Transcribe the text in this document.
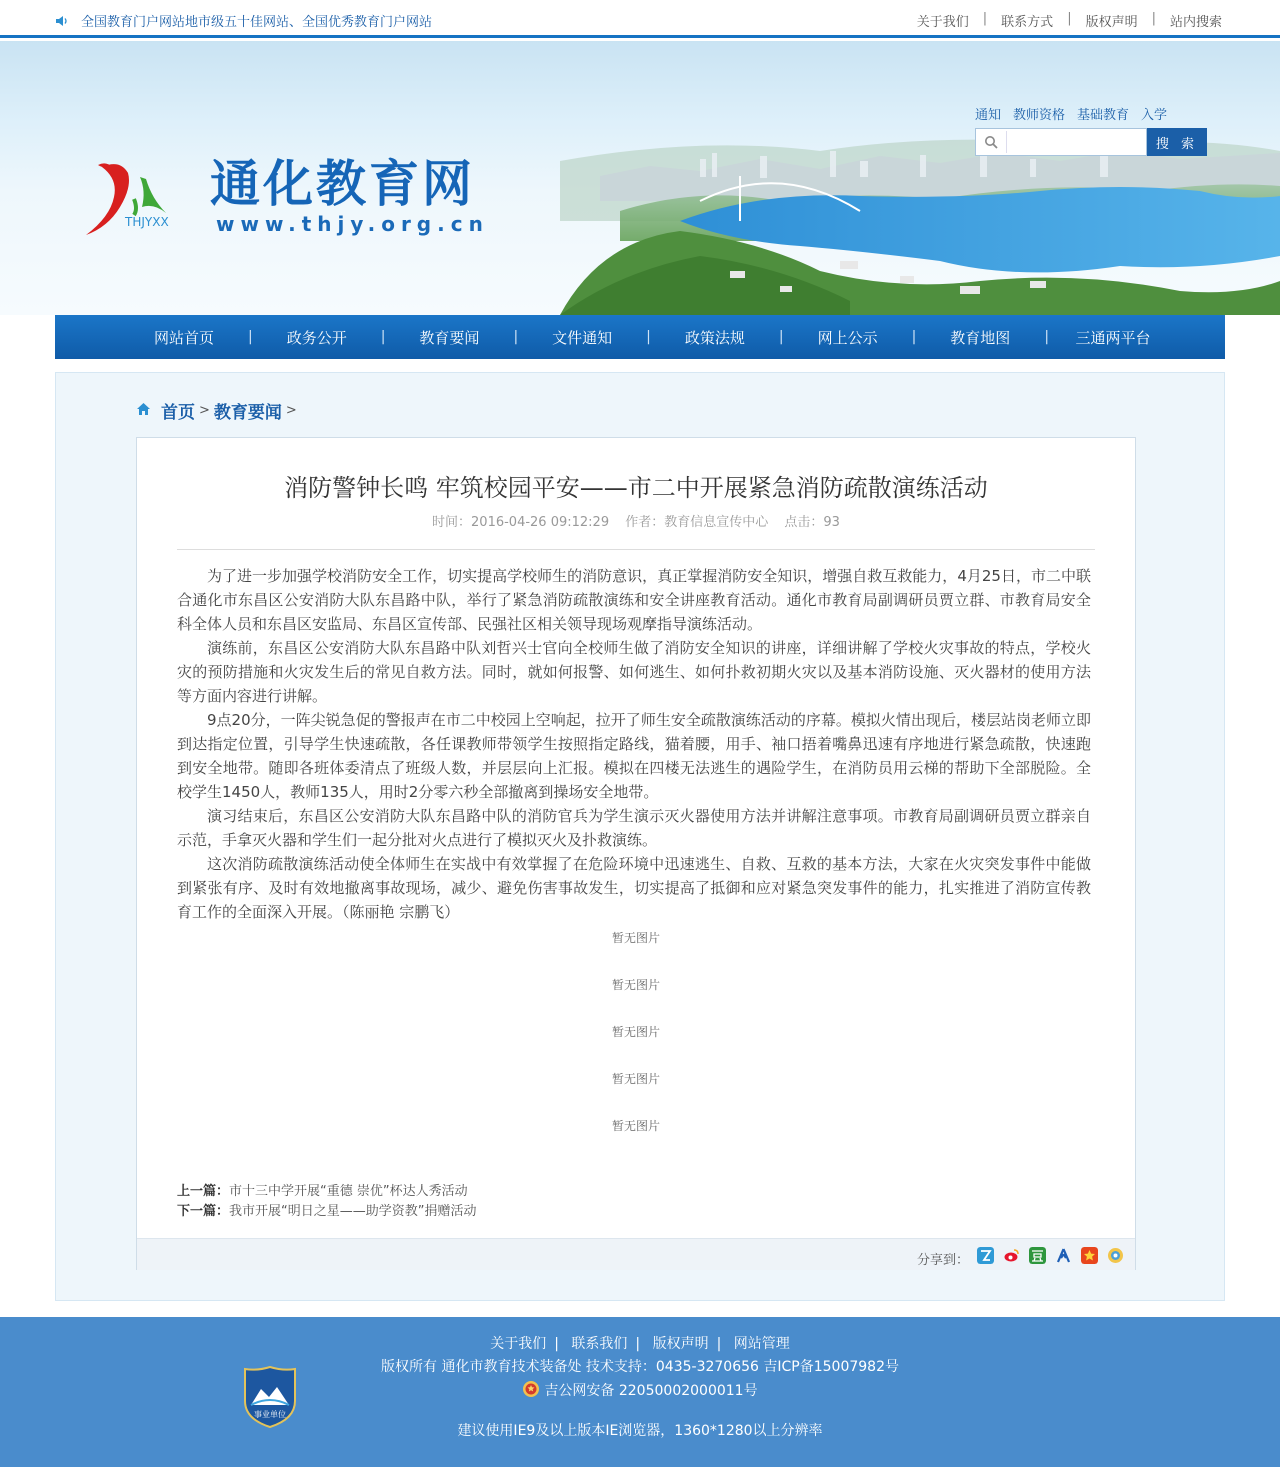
全国教育门户网站地市级五十佳网站、全国优秀教育门户网站	关于我们 | 联系方式 | 版权声明 | 站内搜索
THJYXX
通化教育网
www.thjy.org.cn
通知 教师资格 基础教育 入学
搜 索
网站首页	|	政务公开	|	教育要闻	|	文件通知	|	政策法规	|	网上公示	|	教育地图	|	三通两平台
首页 > 教育要闻 >
消防警钟长鸣 牢筑校园平安——市二中开展紧急消防疏散演练活动
时间：2016-04-26 09:12:29 作者：教育信息宣传中心 点击：93

为了进一步加强学校消防安全工作，切实提高学校师生的消防意识，真正掌握消防安全知识，增强自救互救能力，4月25日，市二中联合通化市东昌区公安消防大队东昌路中队，举行了紧急消防疏散演练和安全讲座教育活动。通化市教育局副调研员贾立群、市教育局安全科全体人员和东昌区安监局、东昌区宣传部、民强社区相关领导现场观摩指导演练活动。

演练前，东昌区公安消防大队东昌路中队刘哲兴士官向全校师生做了消防安全知识的讲座，详细讲解了学校火灾事故的特点，学校火灾的预防措施和火灾发生后的常见自救方法。同时，就如何报警、如何逃生、如何扑救初期火灾以及基本消防设施、灭火器材的使用方法等方面内容进行讲解。

9点20分，一阵尖锐急促的警报声在市二中校园上空响起，拉开了师生安全疏散演练活动的序幕。模拟火情出现后，楼层站岗老师立即到达指定位置，引导学生快速疏散，各任课教师带领学生按照指定路线，猫着腰，用手、袖口捂着嘴鼻迅速有序地进行紧急疏散，快速跑到安全地带。随即各班体委清点了班级人数，并层层向上汇报。模拟在四楼无法逃生的遇险学生，在消防员用云梯的帮助下全部脱险。全校学生1450人，教师135人，用时2分零六秒全部撤离到操场安全地带。

演习结束后，东昌区公安消防大队东昌路中队的消防官兵为学生演示灭火器使用方法并讲解注意事项。市教育局副调研员贾立群亲自示范，手拿灭火器和学生们一起分批对火点进行了模拟灭火及扑救演练。

这次消防疏散演练活动使全体师生在实战中有效掌握了在危险环境中迅速逃生、自救、互救的基本方法，大家在火灾突发事件中能做到紧张有序、及时有效地撤离事故现场，减少、避免伤害事故发生，切实提高了抵御和应对紧急突发事件的能力，扎实推进了消防宣传教育工作的全面深入开展。（陈丽艳 宗鹏飞）

暂无图片
暂无图片
暂无图片
暂无图片
暂无图片
上一篇：市十三中学开展“重德 崇优”杯达人秀活动
下一篇：我市开展“明日之星——助学资教”捐赠活动
分享到：
关于我们 | 联系我们 | 版权声明 | 网站管理
版权所有 通化市教育技术装备处 技术支持：0435-3270656 吉ICP备15007982号
吉公网安备 22050002000011号
建议使用IE9及以上版本IE浏览器，1360*1280以上分辨率
事业单位
